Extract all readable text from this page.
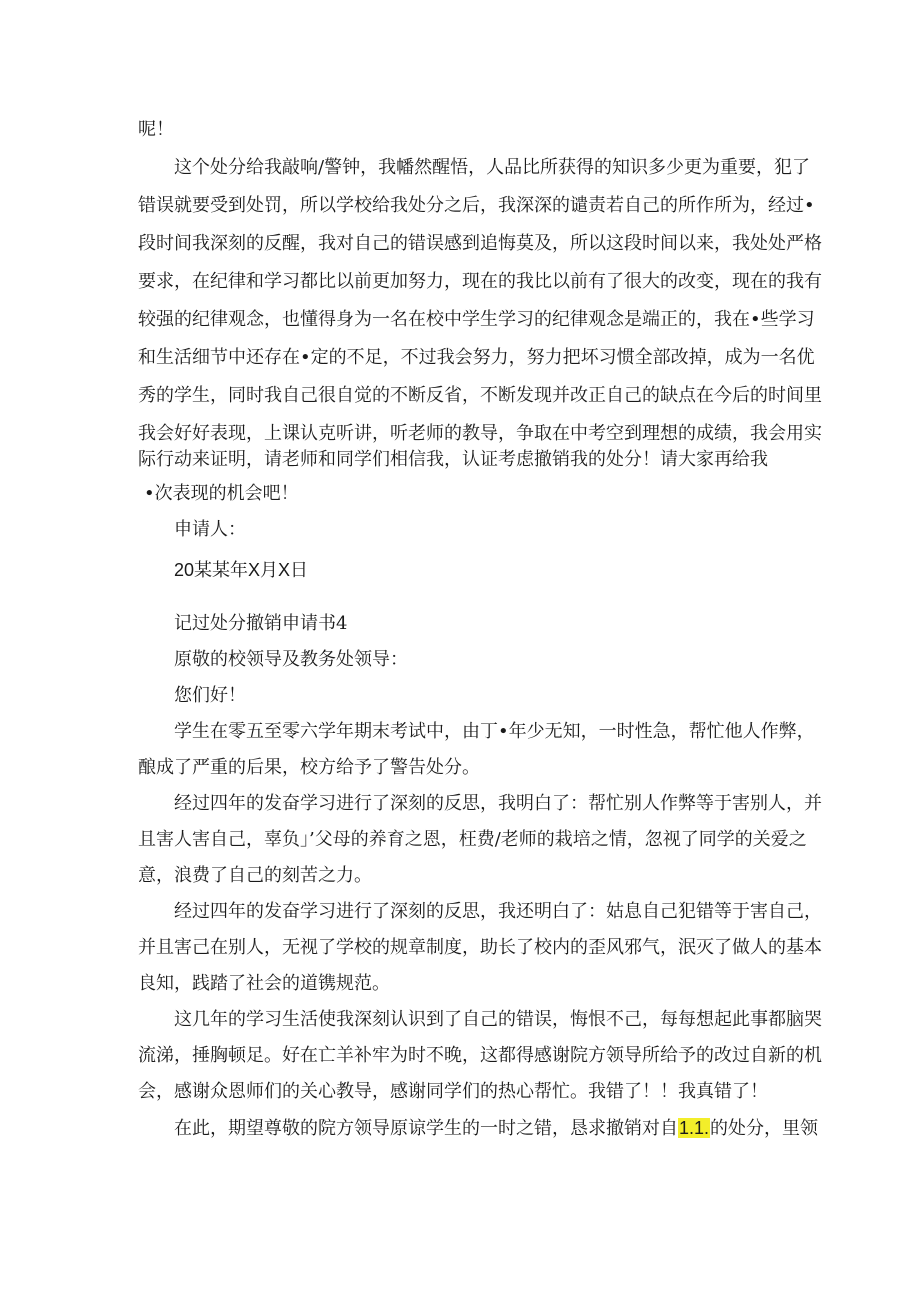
呢！
这个处分给我敲响/警钟，我幡然醒悟，人品比所获得的知识多少更为重要，犯了
错误就要受到处罚，所以学校给我处分之后，我深深的谴责若自己的所作所为，经过•
段时间我深刻的反醒，我对自己的错误感到追悔莫及，所以这段时间以来，我处处严格
要求，在纪律和学习都比以前更加努力，现在的我比以前有了很大的改变，现在的我有
较强的纪律观念，也懂得身为一名在校中学生学习的纪律观念是端正的，我在•些学习
和生活细节中还存在•定的不足，不过我会努力，努力把坏习惯全部改掉，成为一名优
秀的学生，同时我自己很自觉的不断反省，不断发现并改正自己的缺点在今后的时间里
我会好好表现，上课认克听讲，听老师的教导，争取在中考空到理想的成绩，我会用实
际行动来证明，请老师和同学们相信我，认证考虑撤销我的处分！请大家再给我
•次表现的机会吧！
申请人：
20某某年X月X日
记过处分撤销申请书4
原敬的校领导及教务处领导：
您们好！
学生在零五至零六学年期末考试中，由丁•年少无知，一时性急，帮忙他人作弊，
酿成了严重的后果，校方给予了警告处分。
经过四年的发奋学习进行了深刻的反思，我明白了：帮忙别人作弊等于害别人，并
且害人害自己，辜负」’父母的养育之恩，枉费/老师的栽培之情，忽视了同学的关爱之
意，浪费了自己的刻苦之力。
经过四年的发奋学习进行了深刻的反思，我还明白了：姑息自己犯错等于害自己，
并且害己在别人，无视了学校的规章制度，助长了校内的歪风邪气，泯灭了做人的基本
良知，践踏了社会的道镌规范。
这几年的学习生活使我深刻认识到了自己的错误，悔恨不己，每每想起此事都脑哭
流涕，捶胸顿足。好在亡羊补牢为时不晚，这都得感谢院方领导所给予的改过自新的机
会，感谢众恩师们的关心教导，感谢同学们的热心帮忙。我错了！！我真错了！
在此，期望尊敬的院方领导原谅学生的一时之错，恳求撤销对自1.1.的处分，里领
